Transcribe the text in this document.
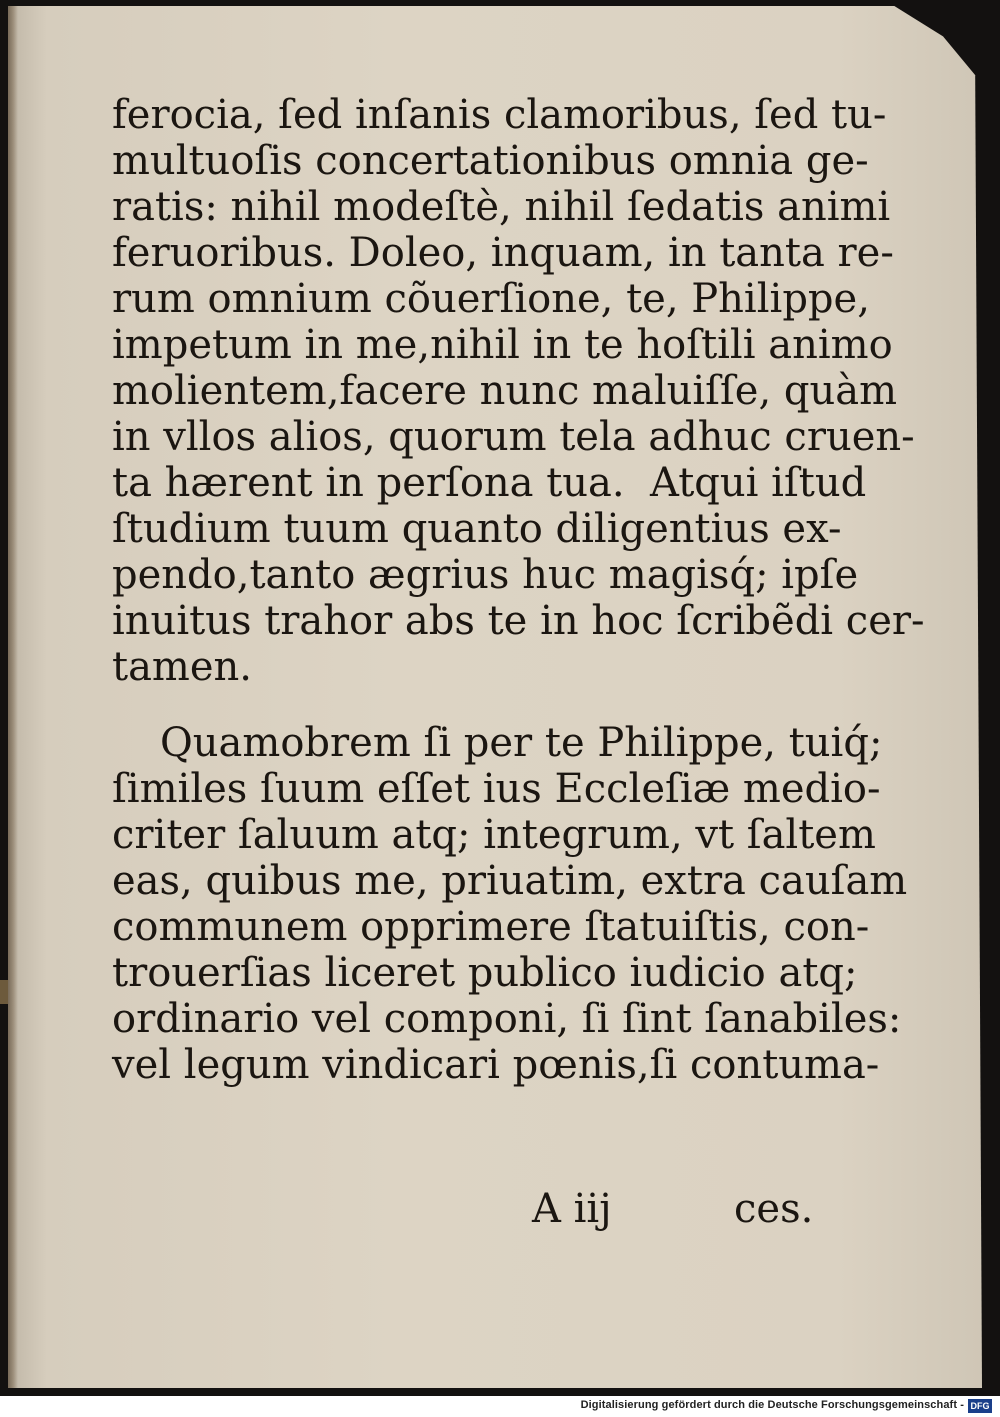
ferocia, ſed inſanis clamoribus, ſed tu-
multuoſis concertationibus omnia ge-
ratis: nihil modeſtè, nihil ſedatis animi
feruoribus. Doleo, inquam, in tanta re-
rum omnium cõuerſione, te, Philippe,
impetum in me,nihil in te hoſtili animo
molientem,facere nunc maluiſſe, quàm
in vllos alios, quorum tela adhuc cruen-
ta hærent in perſona tua.  Atqui iſtud
ſtudium tuum quanto diligentius ex-
pendo,tanto ægrius huc magisq́; ipſe
inuitus trahor abs te in hoc ſcribẽdi cer-
tamen.
Quamobrem ſi per te Philippe, tuiq́;
ſimiles ſuum eſſet ius Eccleſiæ medio-
criter ſaluum atq; integrum, vt ſaltem
eas, quibus me, priuatim, extra cauſam
communem opprimere ſtatuiſtis, con-
trouerſias liceret publico iudicio atq;
ordinario vel componi, ſi ſint ſanabiles:
vel legum vindicari pœnis,ſi contuma-
A iij	ces.
Digitalisierung gefördert durch die Deutsche Forschungsgemeinschaft - DFG
